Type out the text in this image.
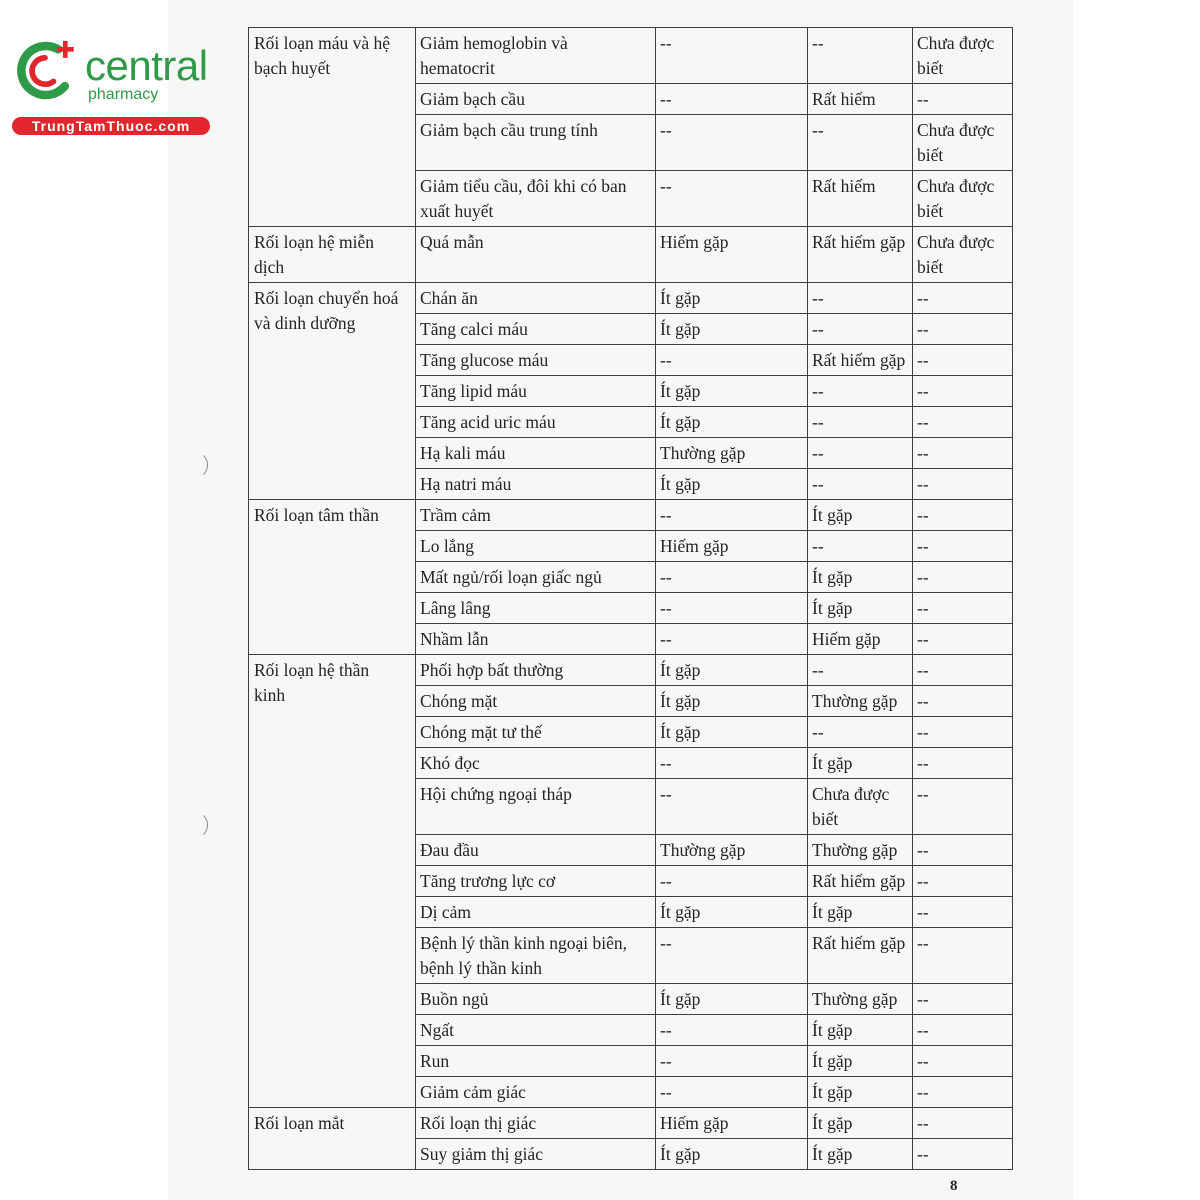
central
pharmacy
TrungTamThuoc.com
Rối loạn máu và hệ bạch huyết	Giảm hemoglobin và hematocrit	--	--	Chưa được biết
	Giảm bạch cầu	--	Rất hiếm	--
	Giảm bạch cầu trung tính	--	--	Chưa được biết
	Giảm tiểu cầu, đôi khi có ban xuất huyết	--	Rất hiếm	Chưa được biết
Rối loạn hệ miễn dịch	Quá mẫn	Hiếm gặp	Rất hiếm gặp	Chưa được biết
Rối loạn chuyển hoá và dinh dưỡng	Chán ăn	Ít gặp	--	--
	Tăng calci máu	Ít gặp	--	--
	Tăng glucose máu	--	Rất hiếm gặp	--
	Tăng lipid máu	Ít gặp	--	--
	Tăng acid uric máu	Ít gặp	--	--
	Hạ kali máu	Thường gặp	--	--
	Hạ natri máu	Ít gặp	--	--
Rối loạn tâm thần	Trầm cảm	--	Ít gặp	--
	Lo lắng	Hiếm gặp	--	--
	Mất ngủ/rối loạn giấc ngủ	--	Ít gặp	--
	Lâng lâng	--	Ít gặp	--
	Nhầm lẫn	--	Hiếm gặp	--
Rối loạn hệ thần kinh	Phối hợp bất thường	Ít gặp	--	--
	Chóng mặt	Ít gặp	Thường gặp	--
	Chóng mặt tư thế	Ít gặp	--	--
	Khó đọc	--	Ít gặp	--
	Hội chứng ngoại tháp	--	Chưa được biết	--
	Đau đầu	Thường gặp	Thường gặp	--
	Tăng trương lực cơ	--	Rất hiếm gặp	--
	Dị cảm	Ít gặp	Ít gặp	--
	Bệnh lý thần kinh ngoại biên, bệnh lý thần kinh	--	Rất hiếm gặp	--
	Buồn ngủ	Ít gặp	Thường gặp	--
	Ngất	--	Ít gặp	--
	Run	--	Ít gặp	--
	Giảm cảm giác	--	Ít gặp	--
Rối loạn mắt	Rối loạn thị giác	Hiếm gặp	Ít gặp	--
	Suy giảm thị giác	Ít gặp	Ít gặp	--
8
